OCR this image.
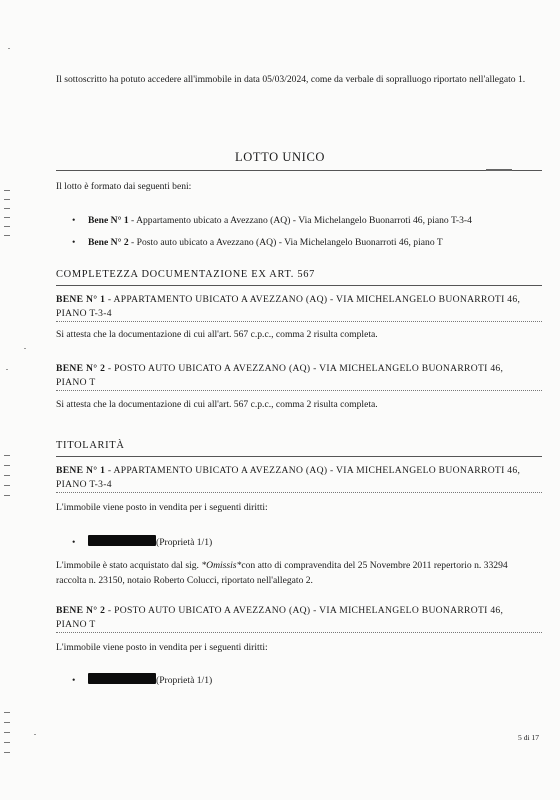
Il sottoscritto ha potuto accedere all'immobile in data 05/03/2024, come da verbale di sopralluogo riportato nell'allegato 1.
LOTTO UNICO
Il lotto è formato dai seguenti beni:
• Bene N° 1 - Appartamento ubicato a Avezzano (AQ) - Via Michelangelo Buonarroti 46, piano T-3-4
• Bene N° 2 - Posto auto ubicato a Avezzano (AQ) - Via Michelangelo Buonarroti 46, piano T
COMPLETEZZA DOCUMENTAZIONE EX ART. 567
BENE N° 1 - APPARTAMENTO UBICATO A AVEZZANO (AQ) - VIA MICHELANGELO BUONARROTI 46, PIANO T-3-4
Si attesta che la documentazione di cui all'art. 567 c.p.c., comma 2 risulta completa.
BENE N° 2 - POSTO AUTO UBICATO A AVEZZANO (AQ) - VIA MICHELANGELO BUONARROTI 46, PIANO T
Si attesta che la documentazione di cui all'art. 567 c.p.c., comma 2 risulta completa.
TITOLARITÀ
BENE N° 1 - APPARTAMENTO UBICATO A AVEZZANO (AQ) - VIA MICHELANGELO BUONARROTI 46, PIANO T-3-4
L'immobile viene posto in vendita per i seguenti diritti:
•	(Proprietà 1/1)
L'immobile è stato acquistato dal sig. *Omissis*con atto di compravendita del 25 Novembre 2011 repertorio n. 33294 raccolta n. 23150, notaio Roberto Colucci, riportato nell'allegato 2.
BENE N° 2 - POSTO AUTO UBICATO A AVEZZANO (AQ) - VIA MICHELANGELO BUONARROTI 46, PIANO T
L'immobile viene posto in vendita per i seguenti diritti:
•	(Proprietà 1/1)
5 di 17
